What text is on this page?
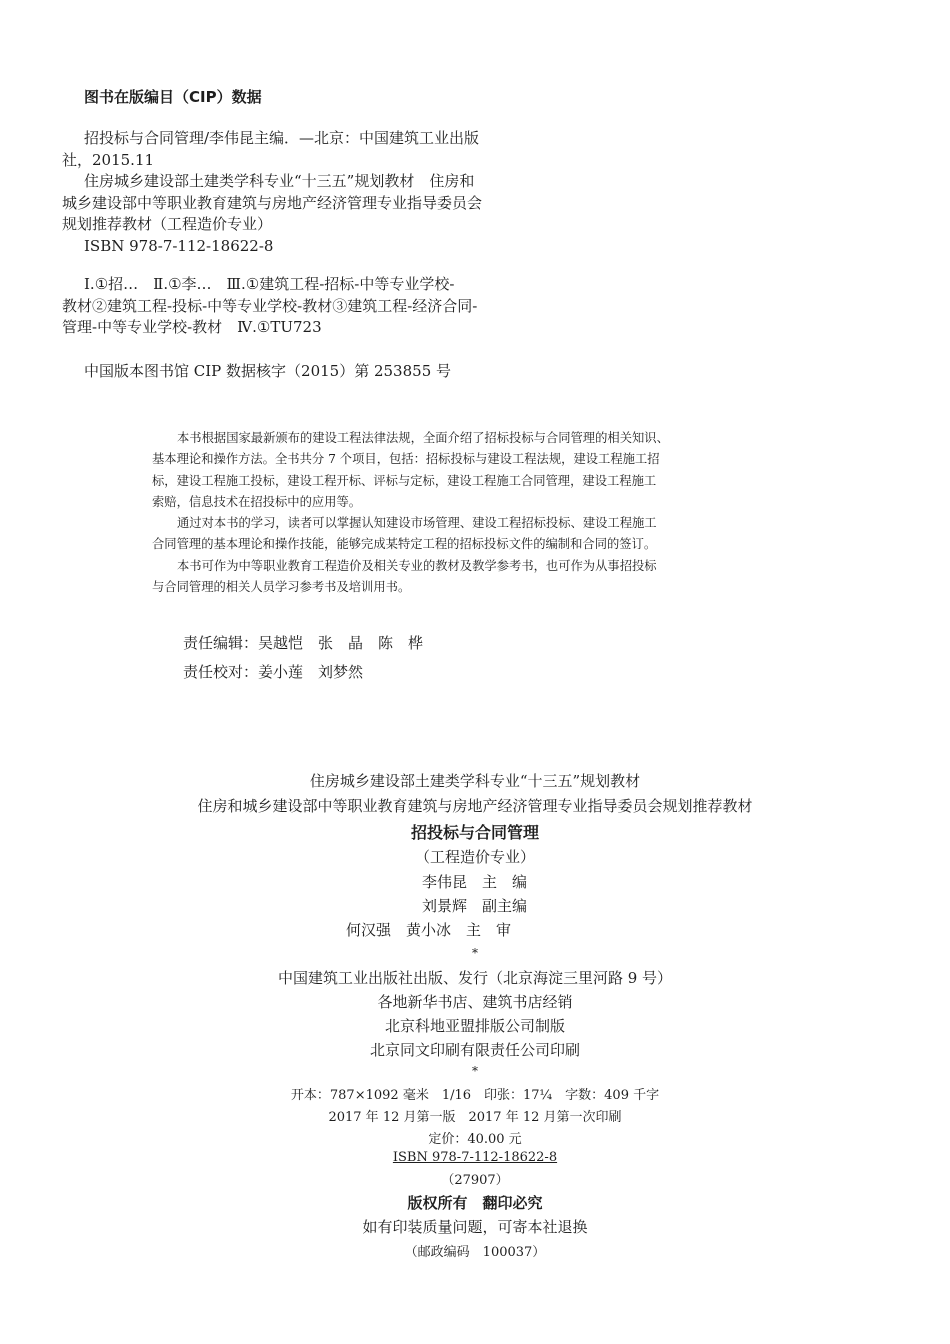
图书在版编目（CIP）数据

招投标与合同管理/李伟昆主编．—北京：中国建筑工业出版

社，2015.11

住房城乡建设部土建类学科专业“十三五”规划教材　住房和

城乡建设部中等职业教育建筑与房地产经济管理专业指导委员会

规划推荐教材（工程造价专业）

ISBN 978-7-112-18622-8

Ⅰ.①招…　Ⅱ.①李…　Ⅲ.①建筑工程-招标-中等专业学校-

教材②建筑工程-投标-中等专业学校-教材③建筑工程-经济合同-

管理-中等专业学校-教材　Ⅳ.①TU723

中国版本图书馆 CIP 数据核字（2015）第 253855 号

本书根据国家最新颁布的建设工程法律法规，全面介绍了招标投标与合同管理的相关知识、

基本理论和操作方法。全书共分 7 个项目，包括：招标投标与建设工程法规，建设工程施工招

标，建设工程施工投标，建设工程开标、评标与定标，建设工程施工合同管理，建设工程施工

索赔，信息技术在招投标中的应用等。

通过对本书的学习，读者可以掌握认知建设市场管理、建设工程招标投标、建设工程施工

合同管理的基本理论和操作技能，能够完成某特定工程的招标投标文件的编制和合同的签订。

本书可作为中等职业教育工程造价及相关专业的教材及教学参考书，也可作为从事招投标

与合同管理的相关人员学习参考书及培训用书。

责任编辑：吴越恺　张　晶　陈　桦
责任校对：姜小莲　刘梦然
住房城乡建设部土建类学科专业“十三五”规划教材
住房和城乡建设部中等职业教育建筑与房地产经济管理专业指导委员会规划推荐教材
招投标与合同管理
（工程造价专业）
李伟昆　主　编
刘景辉　副主编
何汉强　黄小冰　主　审
*
中国建筑工业出版社出版、发行（北京海淀三里河路 9 号）
各地新华书店、建筑书店经销
北京科地亚盟排版公司制版
北京同文印刷有限责任公司印刷
*
开本：787×1092 毫米　1/16　印张：17¼　字数：409 千字
2017 年 12 月第一版　2017 年 12 月第一次印刷
定价：40.00 元
ISBN 978-7-112-18622-8
（27907）
版权所有　翻印必究
如有印装质量问题，可寄本社退换
（邮政编码　100037）
